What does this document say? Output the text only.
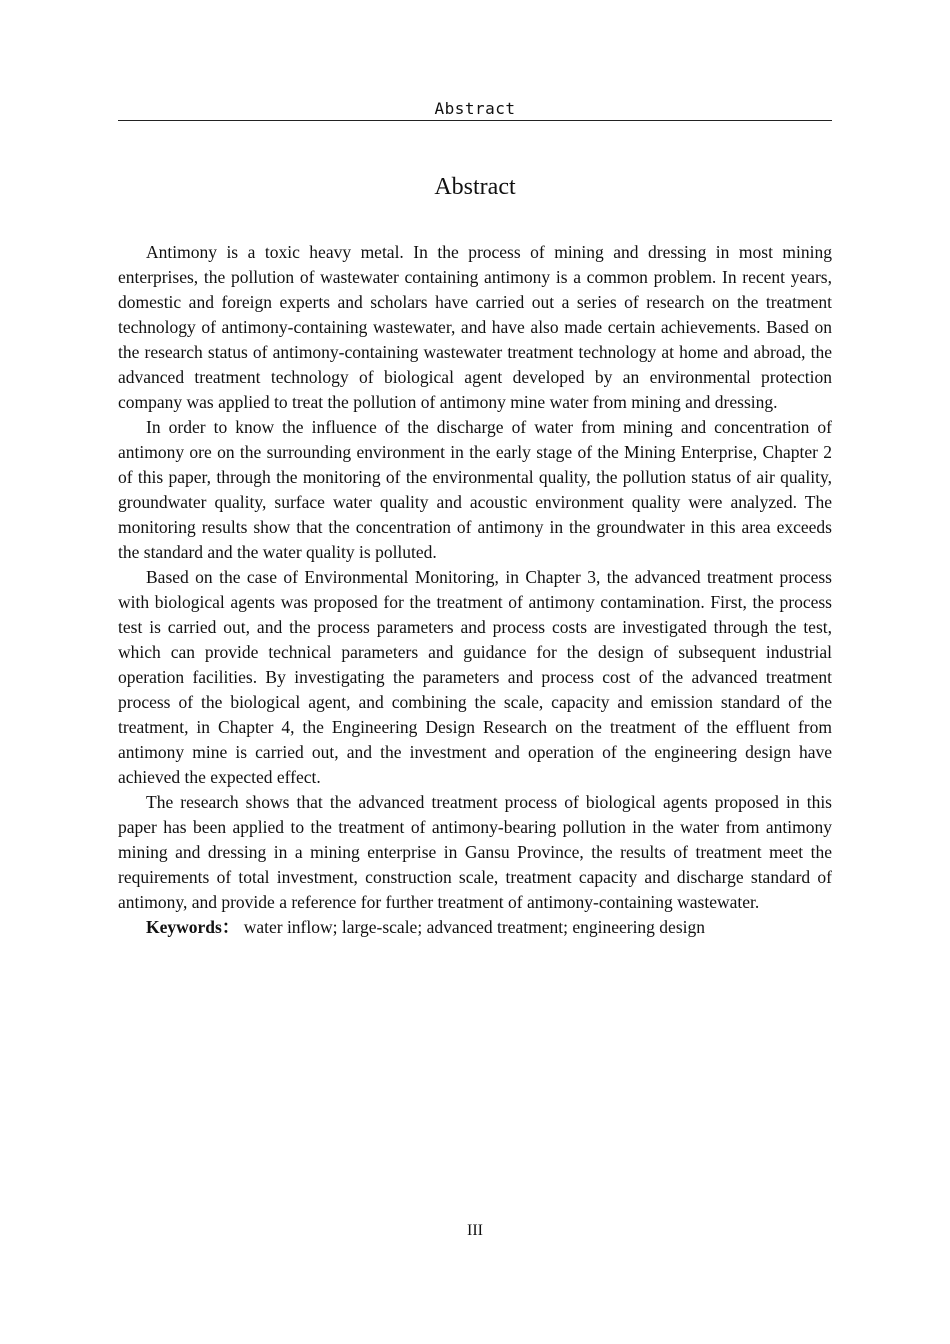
Abstract
Abstract

Antimony is a toxic heavy metal. In the process of mining and dressing in most mining enterprises, the pollution of wastewater containing antimony is a common problem. In recent years, domestic and foreign experts and scholars have carried out a series of research on the treatment technology of antimony-containing wastewater, and have also made certain achievements. Based on the research status of antimony-containing wastewater treatment technology at home and abroad, the advanced treatment technology of biological agent developed by an environmental protection company was applied to treat the pollution of antimony mine water from mining and dressing.

In order to know the influence of the discharge of water from mining and concentration of antimony ore on the surrounding environment in the early stage of the Mining Enterprise, Chapter 2 of this paper, through the monitoring of the environmental quality, the pollution status of air quality, groundwater quality, surface water quality and acoustic environment quality were analyzed. The monitoring results show that the concentration of antimony in the groundwater in this area exceeds the standard and the water quality is polluted.

Based on the case of Environmental Monitoring, in Chapter 3, the advanced treatment process with biological agents was proposed for the treatment of antimony contamination. First, the process test is carried out, and the process parameters and process costs are investigated through the test, which can provide technical parameters and guidance for the design of subsequent industrial operation facilities. By investigating the parameters and process cost of the advanced treatment process of the biological agent, and combining the scale, capacity and emission standard of the treatment, in Chapter 4, the Engineering Design Research on the treatment of the effluent from antimony mine is carried out, and the investment and operation of the engineering design have achieved the expected effect.

The research shows that the advanced treatment process of biological agents proposed in this paper has been applied to the treatment of antimony-bearing pollution in the water from antimony mining and dressing in a mining enterprise in Gansu Province, the results of treatment meet the requirements of total investment, construction scale, treatment capacity and discharge standard of antimony, and provide a reference for further treatment of antimony-containing wastewater.

Keywords： water inflow; large-scale; advanced treatment; engineering design

III
